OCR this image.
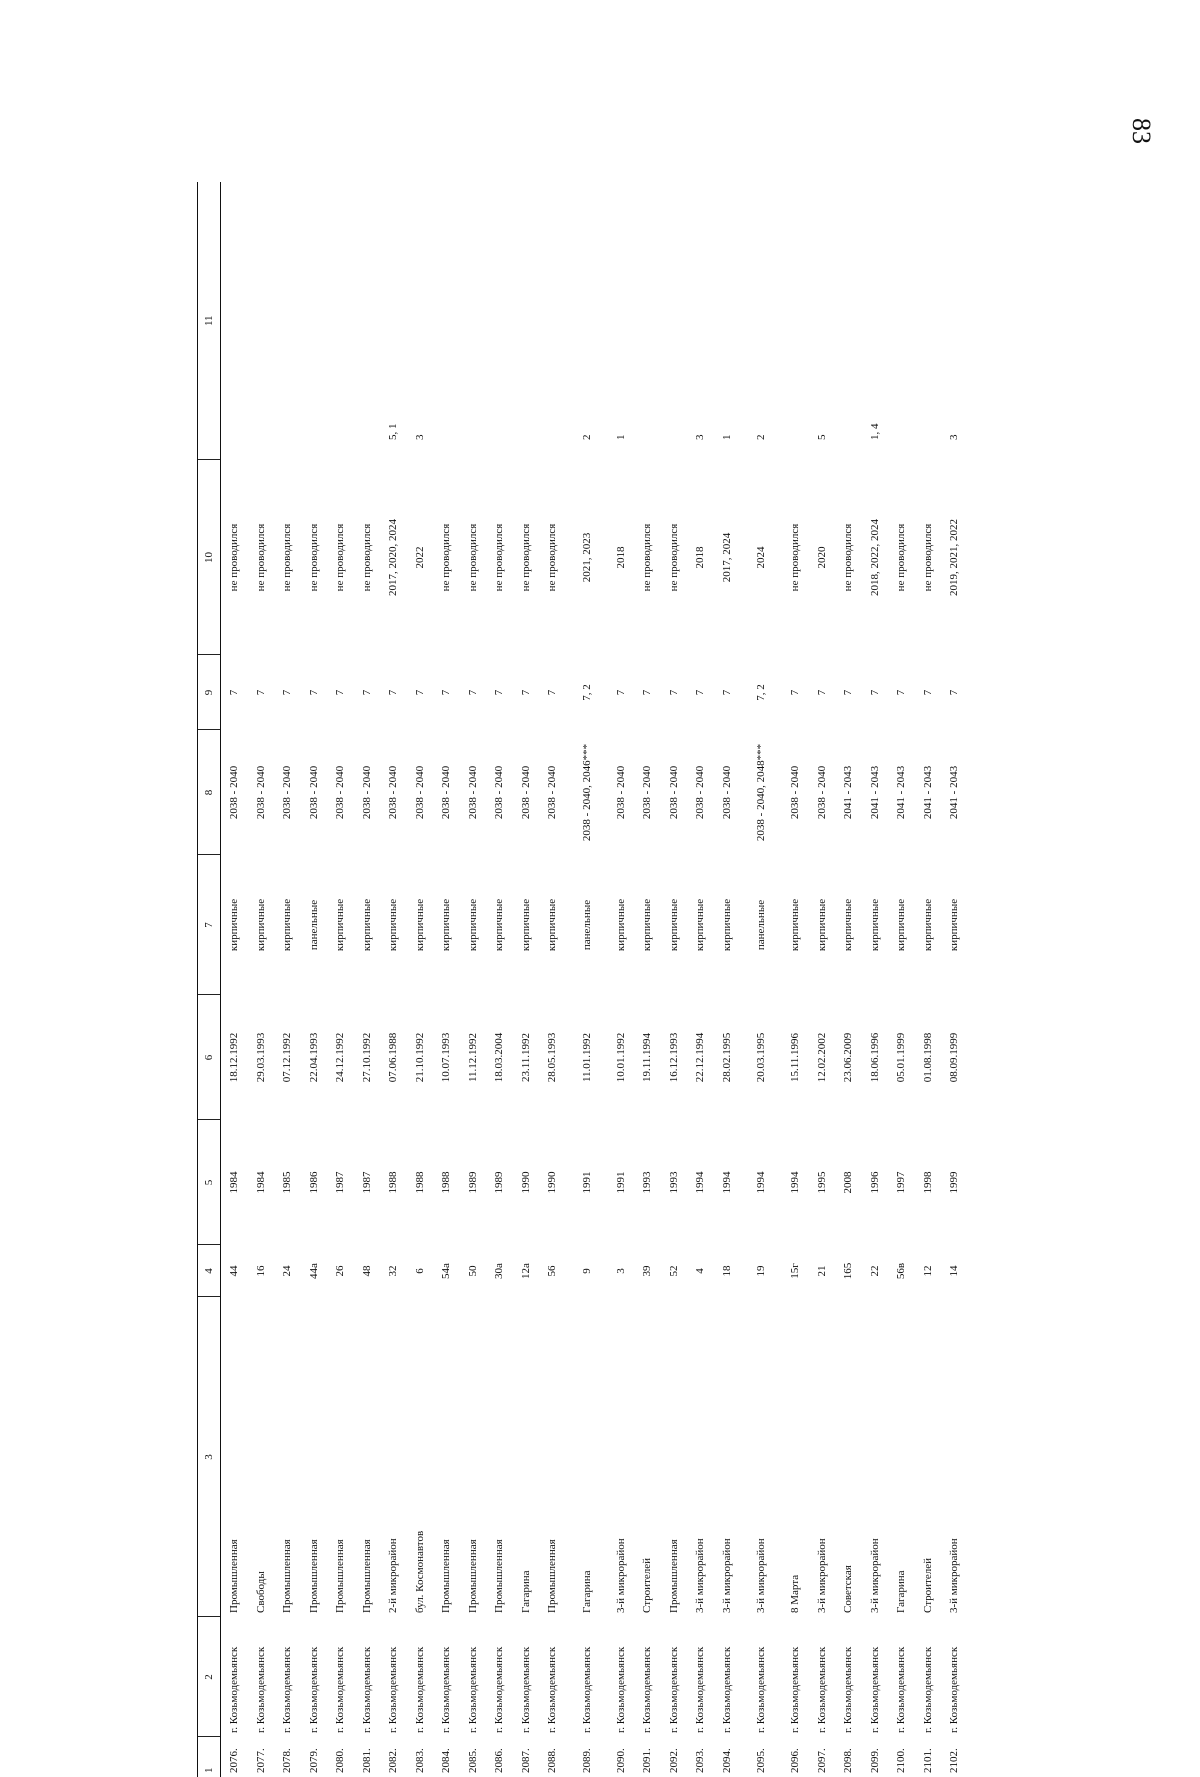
83
1	2	3	4	5	6	7	8	9	10	11
2076.	г. Козьмодемьянск	Промышленная	44	1984	18.12.1992	кирпичные	2038 - 2040	7	не проводился	
2077.	г. Козьмодемьянск	Свободы	16	1984	29.03.1993	кирпичные	2038 - 2040	7	не проводился	
2078.	г. Козьмодемьянск	Промышленная	24	1985	07.12.1992	кирпичные	2038 - 2040	7	не проводился	
2079.	г. Козьмодемьянск	Промышленная	44а	1986	22.04.1993	панельные	2038 - 2040	7	не проводился	
2080.	г. Козьмодемьянск	Промышленная	26	1987	24.12.1992	кирпичные	2038 - 2040	7	не проводился	
2081.	г. Козьмодемьянск	Промышленная	48	1987	27.10.1992	кирпичные	2038 - 2040	7	не проводился	
2082.	г. Козьмодемьянск	2-й микрорайон	32	1988	07.06.1988	кирпичные	2038 - 2040	7	2017, 2020, 2024	5, 1
2083.	г. Козьмодемьянск	бул. Космонавтов	6	1988	21.10.1992	кирпичные	2038 - 2040	7	2022	3
2084.	г. Козьмодемьянск	Промышленная	54а	1988	10.07.1993	кирпичные	2038 - 2040	7	не проводился	
2085.	г. Козьмодемьянск	Промышленная	50	1989	11.12.1992	кирпичные	2038 - 2040	7	не проводился	
2086.	г. Козьмодемьянск	Промышленная	30а	1989	18.03.2004	кирпичные	2038 - 2040	7	не проводился	
2087.	г. Козьмодемьянск	Гагарина	12а	1990	23.11.1992	кирпичные	2038 - 2040	7	не проводился	
2088.	г. Козьмодемьянск	Промышленная	56	1990	28.05.1993	кирпичные	2038 - 2040	7	не проводился	
2089.	г. Козьмодемьянск	Гагарина	9	1991	11.01.1992	панельные	2038 - 2040, 2046***	7, 2	2021, 2023	2
2090.	г. Козьмодемьянск	3-й микрорайон	3	1991	10.01.1992	кирпичные	2038 - 2040	7	2018	1
2091.	г. Козьмодемьянск	Строителей	39	1993	19.11.1994	кирпичные	2038 - 2040	7	не проводился	
2092.	г. Козьмодемьянск	Промышленная	52	1993	16.12.1993	кирпичные	2038 - 2040	7	не проводился	
2093.	г. Козьмодемьянск	3-й микрорайон	4	1994	22.12.1994	кирпичные	2038 - 2040	7	2018	3
2094.	г. Козьмодемьянск	3-й микрорайон	18	1994	28.02.1995	кирпичные	2038 - 2040	7	2017, 2024	1
2095.	г. Козьмодемьянск	3-й микрорайон	19	1994	20.03.1995	панельные	2038 - 2040, 2048***	7, 2	2024	2
2096.	г. Козьмодемьянск	8 Марта	15г	1994	15.11.1996	кирпичные	2038 - 2040	7	не проводился	
2097.	г. Козьмодемьянск	3-й микрорайон	21	1995	12.02.2002	кирпичные	2038 - 2040	7	2020	5
2098.	г. Козьмодемьянск	Советская	165	2008	23.06.2009	кирпичные	2041 - 2043	7	не проводился	
2099.	г. Козьмодемьянск	3-й микрорайон	22	1996	18.06.1996	кирпичные	2041 - 2043	7	2018, 2022, 2024	1, 4
2100.	г. Козьмодемьянск	Гагарина	56в	1997	05.01.1999	кирпичные	2041 - 2043	7	не проводился	
2101.	г. Козьмодемьянск	Строителей	12	1998	01.08.1998	кирпичные	2041 - 2043	7	не проводился	
2102.	г. Козьмодемьянск	3-й микрорайон	14	1999	08.09.1999	кирпичные	2041 - 2043	7	2019, 2021, 2022	3
